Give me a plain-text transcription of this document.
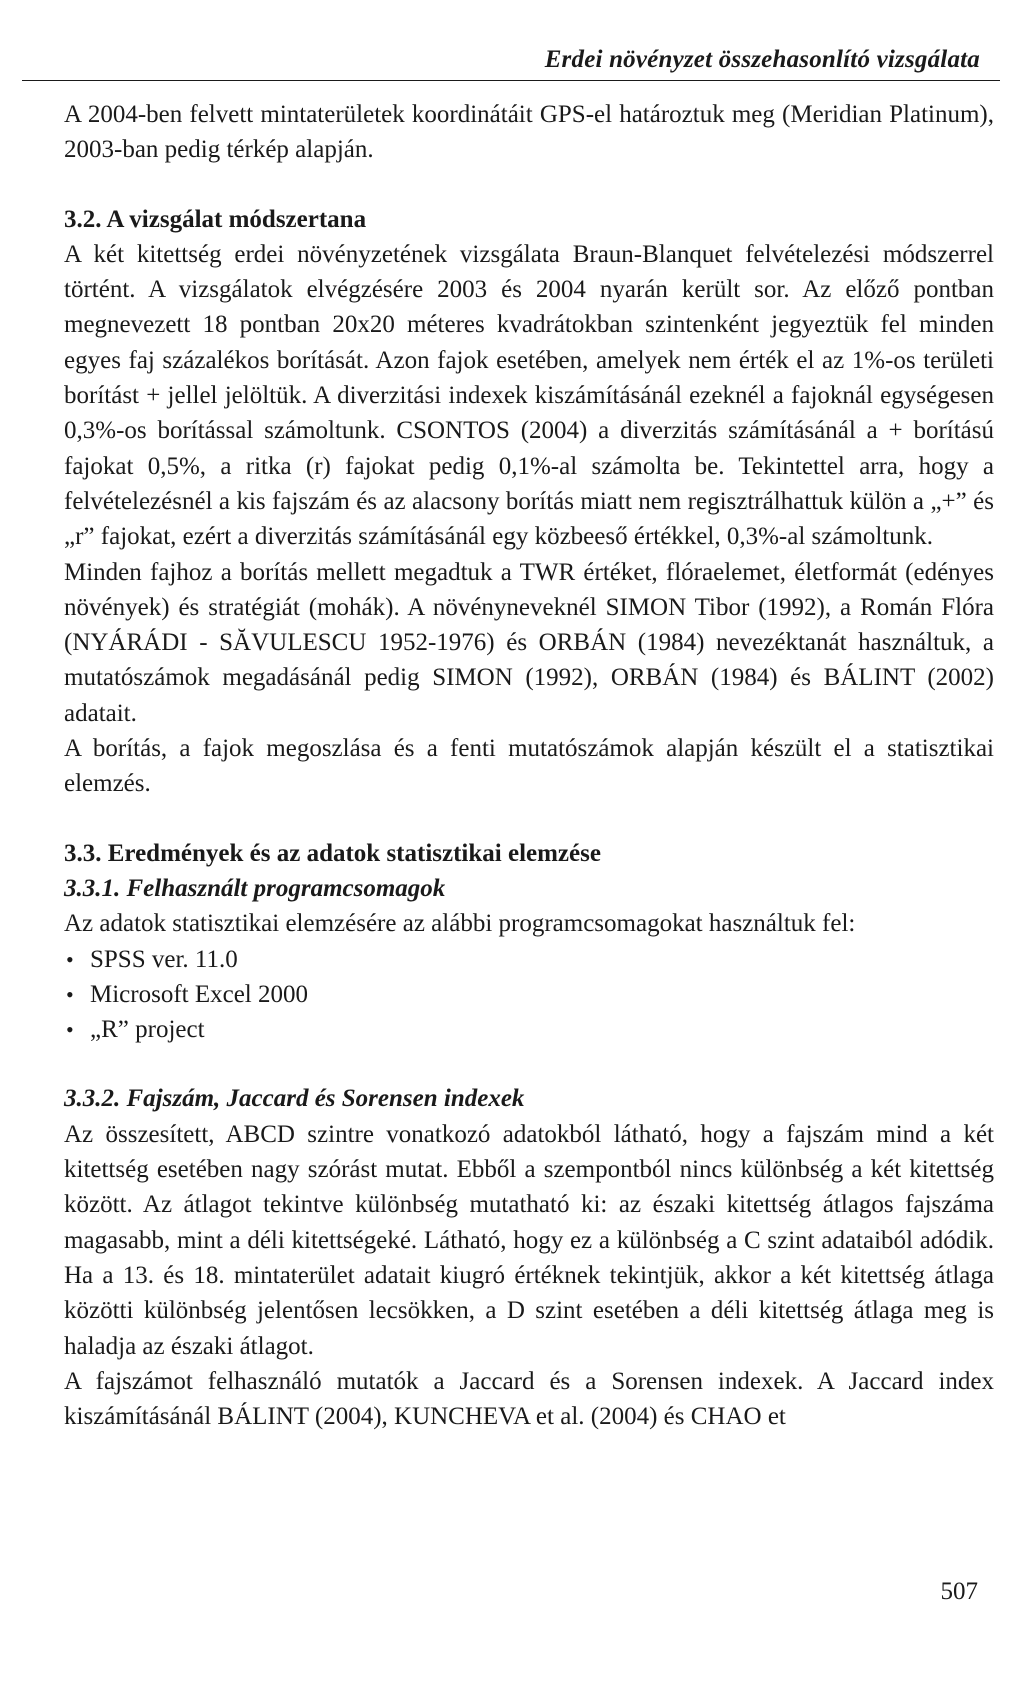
Erdei növényzet összehasonlító vizsgálata

A 2004-ben felvett mintaterületek koordinátáit GPS-el határoztuk meg (Meridian Platinum), 2003-ban pedig térkép alapján.

3.2. A vizsgálat módszertana

A két kitettség erdei növényzetének vizsgálata Braun-Blanquet felvételezési módszerrel történt. A vizsgálatok elvégzésére 2003 és 2004 nyarán került sor. Az előző pontban megnevezett 18 pontban 20x20 méteres kvadrátokban szintenként jegyeztük fel minden egyes faj százalékos borítását. Azon fajok esetében, amelyek nem érték el az 1%-os területi borítást + jellel jelöltük. A diverzitási indexek kiszámításánál ezeknél a fajoknál egységesen 0,3%-os borítással számoltunk. CSONTOS (2004) a diverzitás számításánál a + borítású fajokat 0,5%, a ritka (r) fajokat pedig 0,1%-al számolta be. Tekintettel arra, hogy a felvételezésnél a kis fajszám és az alacsony borítás miatt nem regisztrálhattuk külön a „+” és „r” fajokat, ezért a diverzitás számításánál egy közbeeső értékkel, 0,3%-al számoltunk.

Minden fajhoz a borítás mellett megadtuk a TWR értéket, flóraelemet, életformát (edényes növények) és stratégiát (mohák). A növényneveknél SIMON Tibor (1992), a Román Flóra (NYÁRÁDI - SĂVULESCU 1952-1976) és ORBÁN (1984) nevezéktanát használtuk, a mutatószámok megadásánál pedig SIMON (1992), ORBÁN (1984) és BÁLINT (2002) adatait.

A borítás, a fajok megoszlása és a fenti mutatószámok alapján készült el a statisztikai elemzés.

3.3. Eredmények és az adatok statisztikai elemzése
3.3.1. Felhasznált programcsomagok

Az adatok statisztikai elemzésére az alábbi programcsomagokat használtuk fel:

• SPSS ver. 11.0
• Microsoft Excel 2000
• „R” project
3.3.2. Fajszám, Jaccard és Sorensen indexek

Az összesített, ABCD szintre vonatkozó adatokból látható, hogy a fajszám mind a két kitettség esetében nagy szórást mutat. Ebből a szempontból nincs különbség a két kitettség között. Az átlagot tekintve különbség mutatható ki: az északi kitettség átlagos fajszáma magasabb, mint a déli kitettségeké. Látható, hogy ez a különbség a C szint adataiból adódik. Ha a 13. és 18. mintaterület adatait kiugró értéknek tekintjük, akkor a két kitettség átlaga közötti különbség jelentősen lecsökken, a D szint esetében a déli kitettség átlaga meg is haladja az északi átlagot.

A fajszámot felhasználó mutatók a Jaccard és a Sorensen indexek. A Jaccard index kiszámításánál BÁLINT (2004), KUNCHEVA et al. (2004) és CHAO et

507
